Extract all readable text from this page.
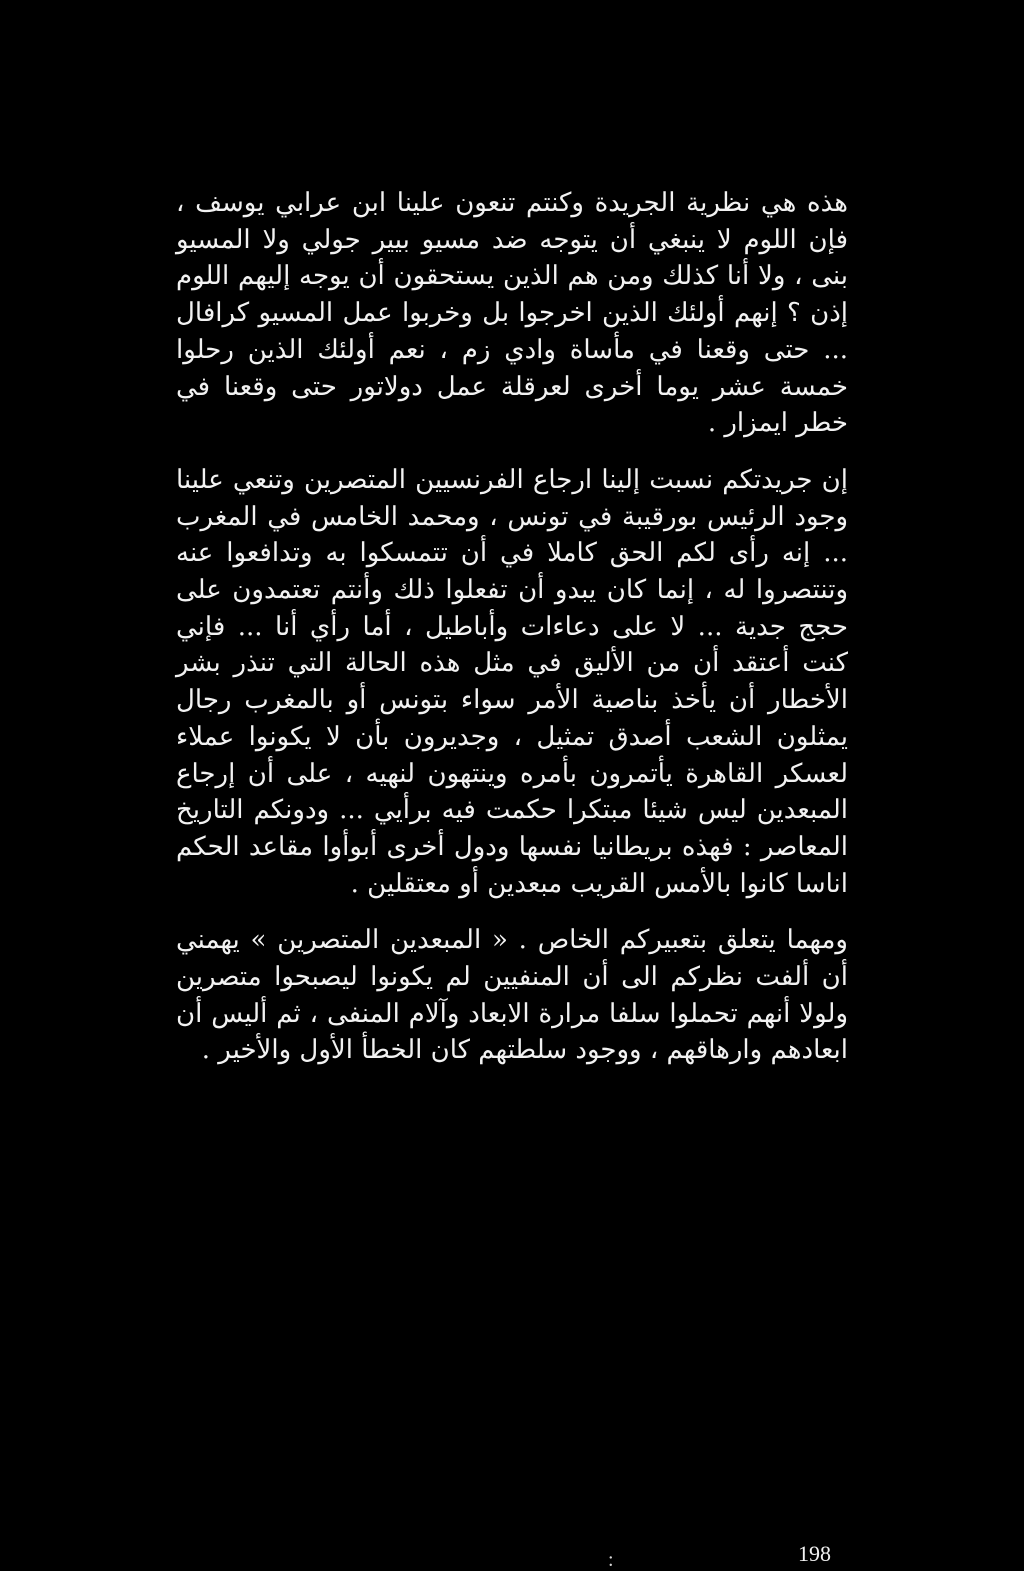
هذه هي نظرية الجريدة وكنتم تنعون علينا ابن عرابي يوسف ، فإن اللوم لا ينبغي أن يتوجه ضد مسيو بيير جولي ولا المسيو بنى ، ولا أنا كذلك ومن هم الذين يستحقون أن يوجه إليهم اللوم إذن ؟ إنهم أولئك الذين اخرجوا بل وخربوا عمل المسيو كرافال ... حتى وقعنا في مأساة وادي زم ، نعم أولئك الذين رحلوا خمسة عشر يوما أخرى لعرقلة عمل دولاتور حتى وقعنا في خطر ايمزار .

إن جريدتكم نسبت إلينا ارجاع الفرنسيين المتصرين وتنعي علينا وجود الرئيس بورقيبة في تونس ، ومحمد الخامس في المغرب ... إنه رأى لكم الحق كاملا في أن تتمسكوا به وتدافعوا عنه وتنتصروا له ، إنما كان يبدو أن تفعلوا ذلك وأنتم تعتمدون على حجج جدية ... لا على دعاءات وأباطيل ، أما رأي أنا ... فإني كنت أعتقد أن من الأليق في مثل هذه الحالة التي تنذر بشر الأخطار أن يأخذ بناصية الأمر سواء بتونس أو بالمغرب رجال يمثلون الشعب أصدق تمثيل ، وجديرون بأن لا يكونوا عملاء لعسكر القاهرة يأتمرون بأمره وينتهون لنهيه ، على أن إرجاع المبعدين ليس شيئا مبتكرا حكمت فيه برأيي ... ودونكم التاريخ المعاصر : فهذه بريطانيا نفسها ودول أخرى أبوأوا مقاعد الحكم اناسا كانوا بالأمس القريب مبعدين أو معتقلين .

ومهما يتعلق بتعبيركم الخاص . « المبعدين المتصرين » يهمني أن ألفت نظركم الى أن المنفيين لم يكونوا ليصبحوا متصرين ولولا أنهم تحملوا سلفا مرارة الابعاد وآلام المنفى ، ثم أليس أن ابعادهم وارهاقهم ، ووجود سلطتهم كان الخطأ الأول والأخير .

:	198
